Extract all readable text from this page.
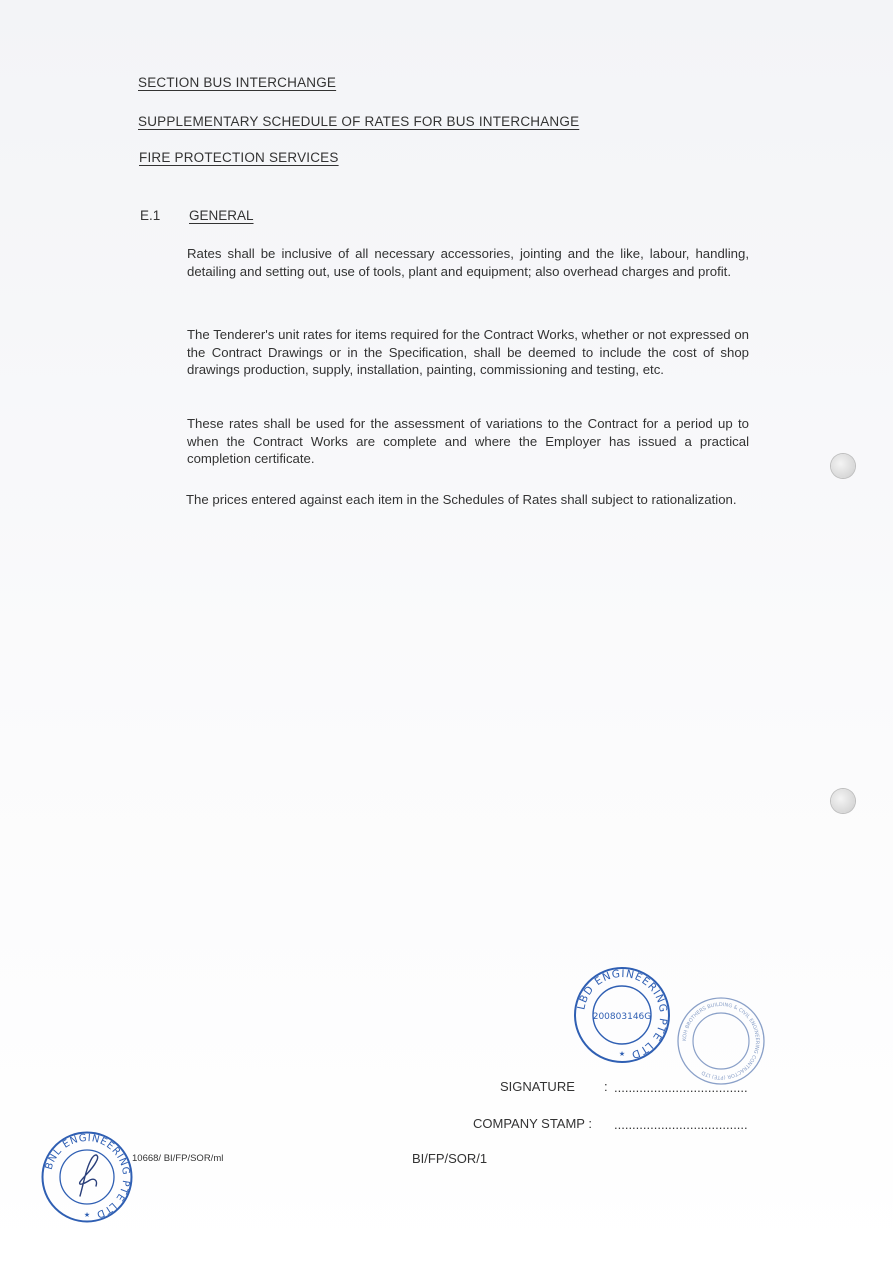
SECTION BUS INTERCHANGE
SUPPLEMENTARY SCHEDULE OF RATES FOR BUS INTERCHANGE
FIRE PROTECTION SERVICES
E.1 GENERAL
Rates shall be inclusive of all necessary accessories, jointing and the like, labour, handling, detailing and setting out, use of tools, plant and equipment; also overhead charges and profit.
The Tenderer's unit rates for items required for the Contract Works, whether or not expressed on the Contract Drawings or in the Specification, shall be deemed to include the cost of shop drawings production, supply, installation, painting, commissioning and testing, etc.
These rates shall be used for the assessment of variations to the Contract for a period up to when the Contract Works are complete and where the Employer has issued a practical completion certificate.
The prices entered against each item in the Schedules of Rates shall subject to rationalization.
LBD ENGINEERING PTE LTD
200803146G
★
KOH BROTHERS BUILDING & CIVIL ENGINEERING CONTRACTOR (PTE) LTD
SIGNATURE : .....................................
COMPANY STAMP : .....................................
BNL ENGINEERING PTE LTD
★
10668/ BI/FP/SOR/ml	BI/FP/SOR/1
